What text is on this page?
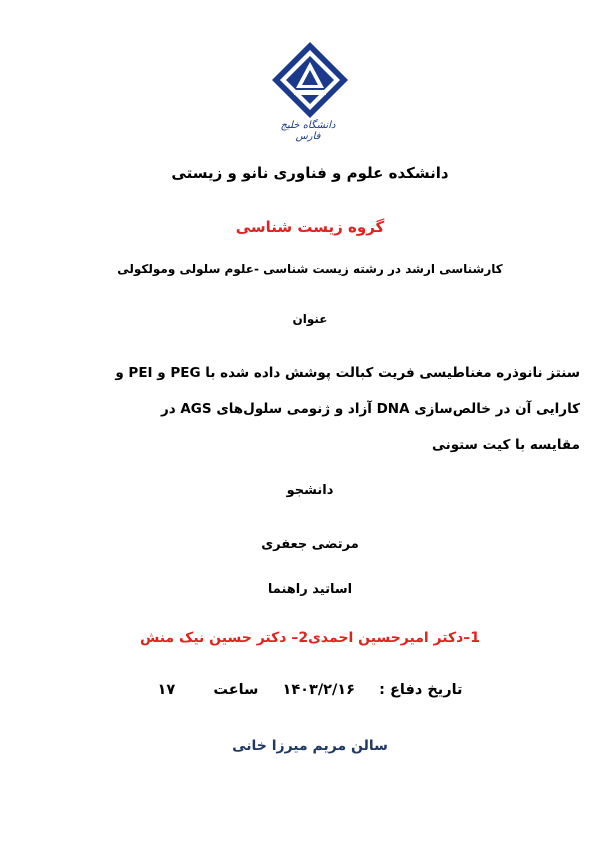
دانشگاه خلیج فارس
دانشکده علوم و فناوری نانو و زیستی
گروه زیست شناسی
کارشناسی ارشد در رشته زیست شناسی -علوم سلولی ومولکولی
عنوان
سنتز نانوذره مغناطیسی فریت کبالت پوشش داده شده با PEG و PEI و
کارایی آن در خالص‌سازی DNA آزاد و ژنومی سلول‌های AGS در
مقایسه با کیت ستونی
دانشجو
مرتضی جعفری
اساتید راهنما
1–دکتر امیرحسین احمدی2– دکتر حسین نیک منش
تاریخ دفاع :  ۱۴۰۳/۲/۱۶  ساعت  ۱۷
سالن مریم میرزا خانی
